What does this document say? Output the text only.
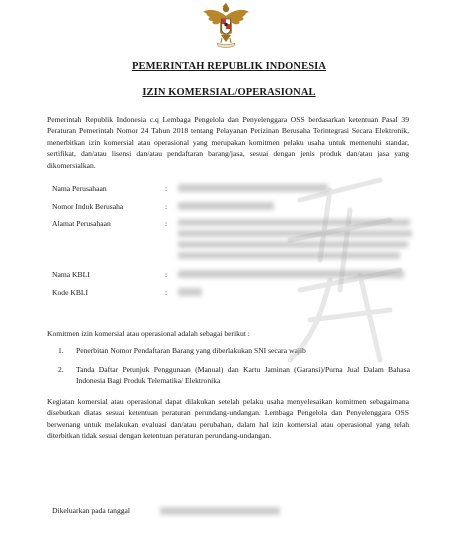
PEMERINTAH REPUBLIK INDONESIA
IZIN KOMERSIAL/OPERASIONAL
Pemerintah Republik Indonesia c.q Lembaga Pengelola dan Penyelenggara OSS berdasarkan ketentuan Pasal 39 Peraturan Pemerintah Nomor 24 Tahun 2018 tentang Pelayanan Perizinan Berusaha Terintegrasi Secara Elektronik, menerbitkan izin komersial atau operasional yang merupakan komitmen pelaku usaha untuk memenuhi standar, sertifikat, dan/atau lisensi dan/atau pendaftaran barang/jasa, sesuai dengan jenis produk dan/atau jasa yang dikomersialkan.
Nama Perusahaan	:
Nomor Induk Berusaha	:
Alamat Perusahaan	:
Nama KBLI	:
Kode KBLI	:
Komitmen izin komersial atau operasional adalah sebagai berikut :
1. Penerbitan Nomor Pendaftaran Barang yang diberlakukan SNI secara wajib
2. Tanda Daftar Petunjuk Penggunaan (Manual) dan Kartu Jaminan (Garansi)/Purna Jual Dalam Bahasa Indonesia Bagi Produk Telematika/ Elektronika
Kegiatan komersial atau operasional dapat dilakukan setelah pelaku usaha menyelesaikan komitmen sebagaimana disebutkan diatas sesuai ketentuan peraturan perundang-undangan. Lembaga Pengelola dan Penyelenggara OSS berwenang untuk melakukan evaluasi dan/atau perubahan, dalam hal izin komersial atau operasional yang telah diterbitkan tidak sesuai dengan ketentuan peraturan perundang-undangan.
Dikeluarkan pada tanggal
